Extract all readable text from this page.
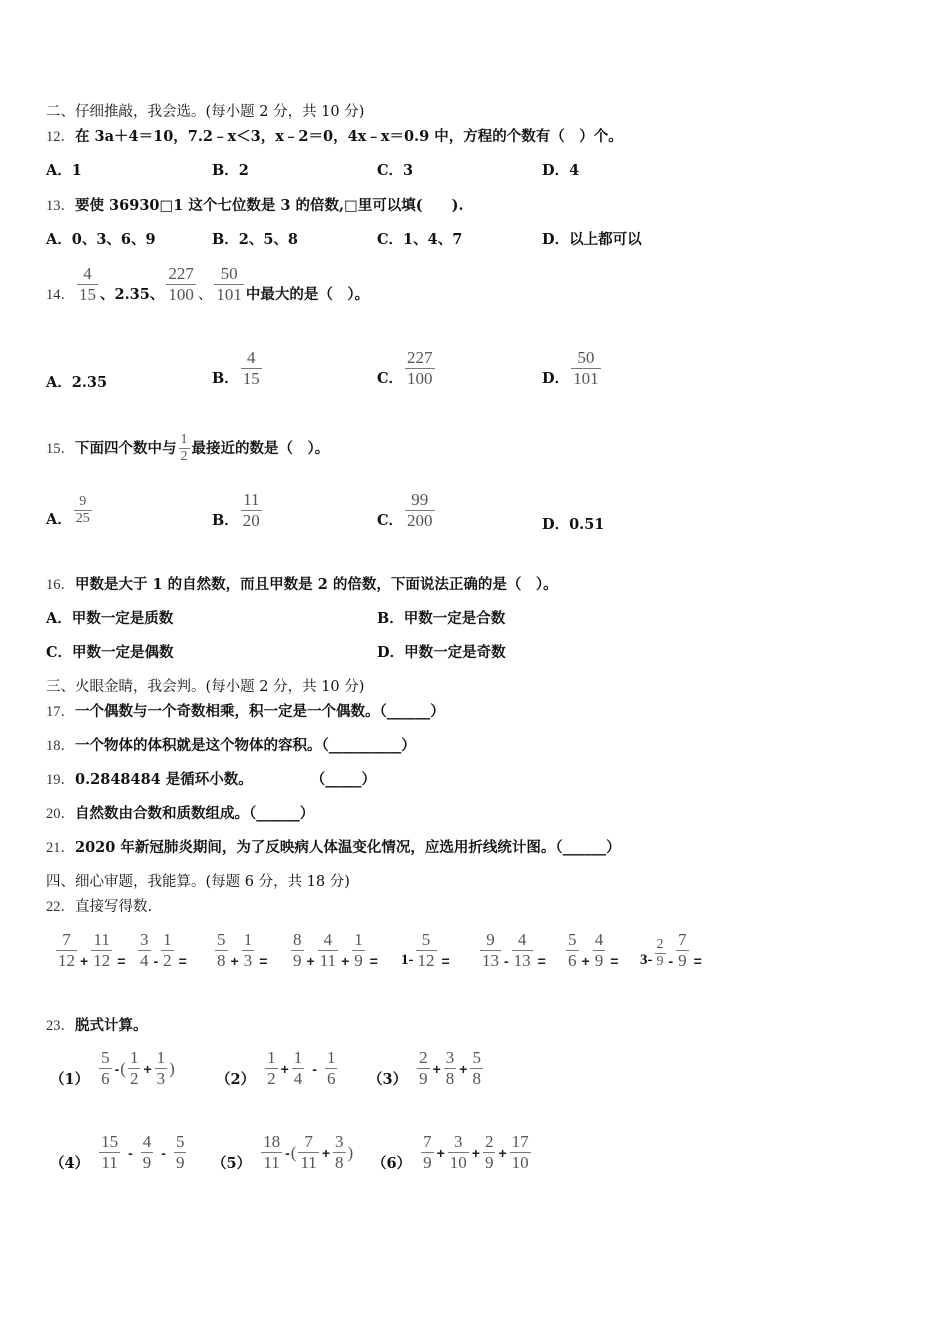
二、仔细推敲，我会选。(每小题 2 分，共 10 分)
12．在 3a＋4＝10，7.2﹣x＜3，x﹣2＝0，4x﹣x＝0.9 中，方程的个数有（　）个。
A．1	B．2	C．3	D．4
13．要使 36930□1 这个七位数是 3 的倍数,□里可以填(　　).
A．0、3、6、9	B．2、5、8	C．1、4、7	D．以上都可以
14． $\frac{4}{15}$ 、2.35、 $\frac{227}{100}$ 、 $\frac{50}{101}$ 中最大的是（　）。
A．2.35	B． $\frac{4}{15}$	C． $\frac{227}{100}$	D． $\frac{50}{101}$
15． 下面四个数中与 $\frac{1}{2}$ 最接近的数是（　）。
A． $\frac{9}{25}$	B． $\frac{11}{20}$	C． $\frac{99}{200}$	D．0.51
16．甲数是大于 1 的自然数，而且甲数是 2 的倍数，下面说法正确的是（　）。
A．甲数一定是质数	B．甲数一定是合数
C．甲数一定是偶数	D．甲数一定是奇数
三、火眼金睛，我会判。(每小题 2 分，共 10 分)
17．一个偶数与一个奇数相乘，积一定是一个偶数。（______）
18．一个物体的体积就是这个物体的容积。（__________）
19．0.2848484 是循环小数。　　　　　（_____）
20．自然数由合数和质数组成。（______）
21．2020 年新冠肺炎期间，为了反映病人体温变化情况，应选用折线统计图。（______）
四、细心审题，我能算。(每题 6 分，共 18 分)
22．直接写得数.
$\frac{7}{12} + \frac{11}{12} = \frac{3}{4} - \frac{1}{2} = \frac{5}{8} + \frac{1}{3} = \frac{8}{9} + \frac{4}{11} + \frac{1}{9} = 1- \frac{5}{12} = \frac{9}{13} - \frac{4}{13} = \frac{5}{6} + \frac{4}{9} = 3- \frac{2}{9} - \frac{7}{9}$ =
23．脱式计算。
$(1) \frac{5}{6}$ - ( $\frac{1}{2} + \frac{1}{3}$ )
$(2) \frac{1}{2} + \frac{1}{4} - \frac{1}{6} (3) \frac{2}{9} + \frac{3}{8} + \frac{5}{8}$
$(4) \frac{15}{11} - \frac{4}{9} - \frac{5}{9} (5) \frac{18}{11}$ - ( $\frac{7}{11} + \frac{3}{8}$ )
$(6) \frac{7}{9} + \frac{3}{10} + \frac{2}{9} + \frac{17}{10}$
